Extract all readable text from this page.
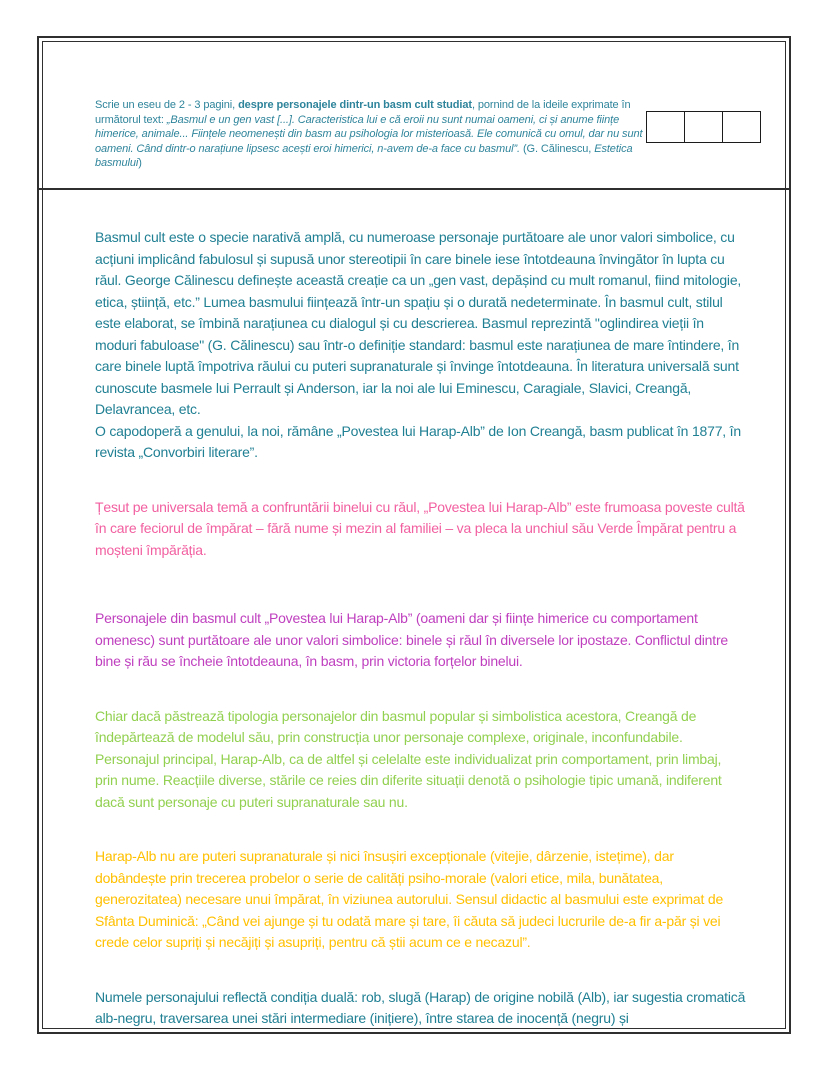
Scrie un eseu de 2 - 3 pagini, despre personajele dintr-un basm cult studiat, pornind de la ideile exprimate în următorul text: „Basmul e un gen vast [...]. Caracteristica lui e că eroii nu sunt numai oameni, ci și anume ființe himerice, animale... Ființele neomenești din basm au psihologia lor misterioasă. Ele comunică cu omul, dar nu sunt oameni. Când dintr-o narațiune lipsesc acești eroi himerici, n-avem de-a face cu basmul”. (G. Călinescu, Estetica basmului)

Basmul cult este o specie narativă amplă, cu numeroase personaje purtătoare ale unor valori simbolice, cu acțiuni implicând fabulosul și supusă unor stereotipii în care binele iese întotdeauna învingător în lupta cu răul. George Călinescu definește această creație ca un „gen vast, depășind cu mult romanul, fiind mitologie, etica, știință, etc.” Lumea basmului ființează într-un spațiu și o durată nedeterminate. În basmul cult, stilul este elaborat, se îmbină narațiunea cu dialogul și cu descrierea. Basmul reprezintă "oglindirea vieții în moduri fabuloase" (G. Călinescu) sau într-o definiție standard: basmul este narațiunea de mare întindere, în care binele luptă împotriva răului cu puteri supranaturale și învinge întotdeauna. În literatura universală sunt cunoscute basmele lui Perrault și Anderson, iar la noi ale lui Eminescu, Caragiale, Slavici, Creangă, Delavrancea, etc.
O capodoperă a genului, la noi, rămâne „Povestea lui Harap-Alb” de Ion Creangă, basm publicat în 1877, în revista „Convorbiri literare”.
Țesut pe universala temă a confruntării binelui cu răul, „Povestea lui Harap-Alb” este frumoasa poveste cultă în care feciorul de împărat – fără nume și mezin al familiei – va pleca la unchiul său Verde Împărat pentru a moșteni împărăția.
Personajele din basmul cult „Povestea lui Harap-Alb” (oameni dar și ființe himerice cu comportament omenesc) sunt purtătoare ale unor valori simbolice: binele și răul în diversele lor ipostaze. Conflictul dintre bine și rău se încheie întotdeauna, în basm, prin victoria forțelor binelui.
Chiar dacă păstrează tipologia personajelor din basmul popular și simbolistica acestora, Creangă de îndepărtează de modelul său, prin construcția unor personaje complexe, originale, inconfundabile. Personajul principal, Harap-Alb, ca de altfel și celelalte este individualizat prin comportament, prin limbaj, prin nume. Reacțiile diverse, stările ce reies din diferite situații denotă o psihologie tipic umană, indiferent dacă sunt personaje cu puteri supranaturale sau nu.
Harap-Alb nu are puteri supranaturale și nici însușiri excepționale (vitejie, dârzenie, istețime), dar dobândește prin trecerea probelor o serie de calități psiho-morale (valori etice, mila, bunătatea, generozitatea) necesare unui împărat, în viziunea autorului. Sensul didactic al basmului este exprimat de Sfânta Duminică: „Când vei ajunge și tu odată mare și tare, îi căuta să judeci lucrurile de-a fir a-păr și vei crede celor supriți și necăjiți și asupriți, pentru că știi acum ce e necazul”.
Numele personajului reflectă condiția duală: rob, slugă (Harap) de origine nobilă (Alb), iar sugestia cromatică alb-negru, traversarea unei stări intermediare (inițiere), între starea de inocență (negru) și
